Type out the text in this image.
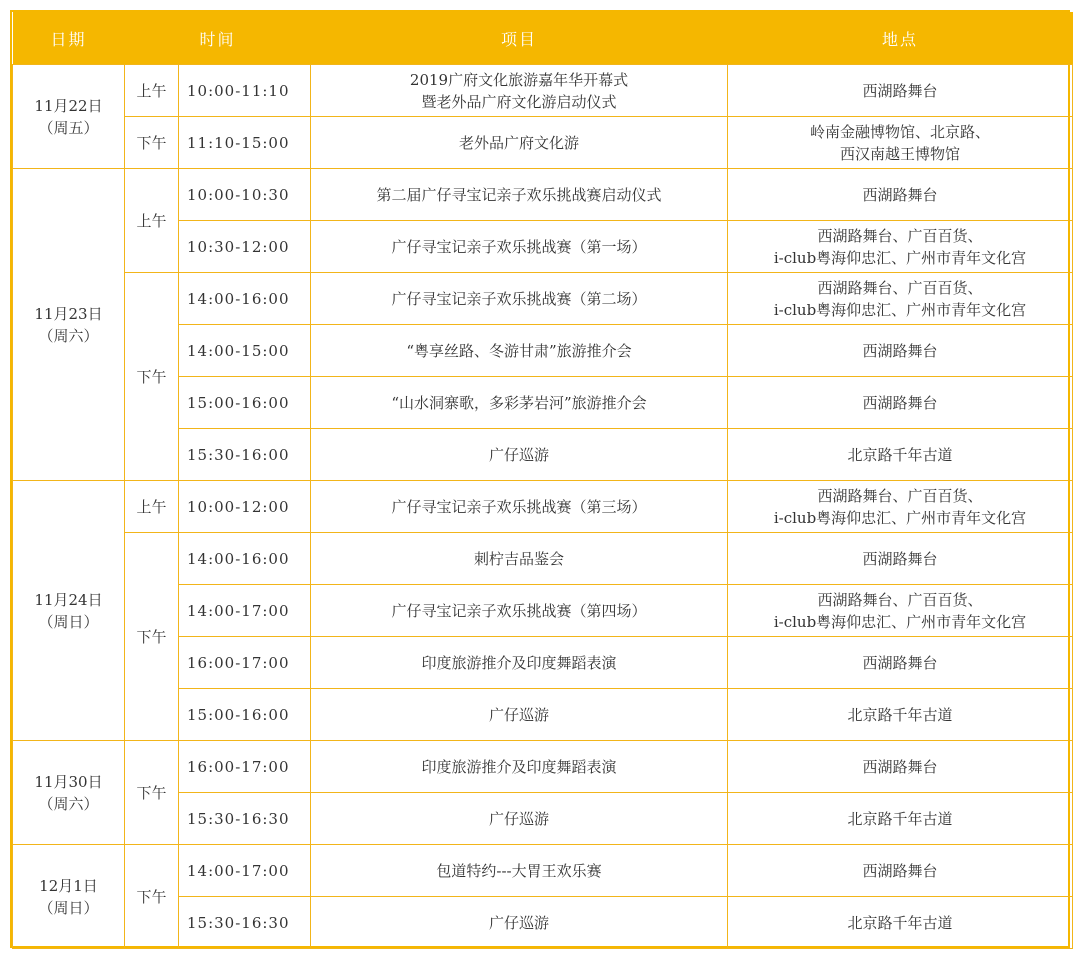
日期	时间		项目	地点

11月22日
（周五）	上午	10:00-11:10	2019广府文化旅游嘉年华开幕式
暨老外品广府文化游启动仪式	西湖路舞台

	下午	11:10-15:00	老外品广府文化游	岭南金融博物馆、北京路、
西汉南越王博物馆

11月23日
（周六）	上午	10:00-10:30	第二届广仔寻宝记亲子欢乐挑战赛启动仪式	西湖路舞台

		10:30-12:00	广仔寻宝记亲子欢乐挑战赛（第一场）	西湖路舞台、广百百货、
i-club粤海仰忠汇、广州市青年文化宫

	下午	14:00-16:00	广仔寻宝记亲子欢乐挑战赛（第二场）	西湖路舞台、广百百货、
i-club粤海仰忠汇、广州市青年文化宫

		14:00-15:00	“粤享丝路、冬游甘肃”旅游推介会	西湖路舞台

		15:00-16:00	“山水洞寨歌，多彩茅岩河”旅游推介会	西湖路舞台

		15:30-16:00	广仔巡游	北京路千年古道

11月24日
（周日）	上午	10:00-12:00	广仔寻宝记亲子欢乐挑战赛（第三场）	西湖路舞台、广百百货、
i-club粤海仰忠汇、广州市青年文化宫

	下午	14:00-16:00	刺柠吉品鉴会	西湖路舞台

		14:00-17:00	广仔寻宝记亲子欢乐挑战赛（第四场）	西湖路舞台、广百百货、
i-club粤海仰忠汇、广州市青年文化宫

		16:00-17:00	印度旅游推介及印度舞蹈表演	西湖路舞台

		15:00-16:00	广仔巡游	北京路千年古道

11月30日
（周六）	下午	16:00-17:00	印度旅游推介及印度舞蹈表演	西湖路舞台

		15:30-16:30	广仔巡游	北京路千年古道

12月1日
（周日）	下午	14:00-17:00	包道特约---大胃王欢乐赛	西湖路舞台

		15:30-16:30	广仔巡游	北京路千年古道
